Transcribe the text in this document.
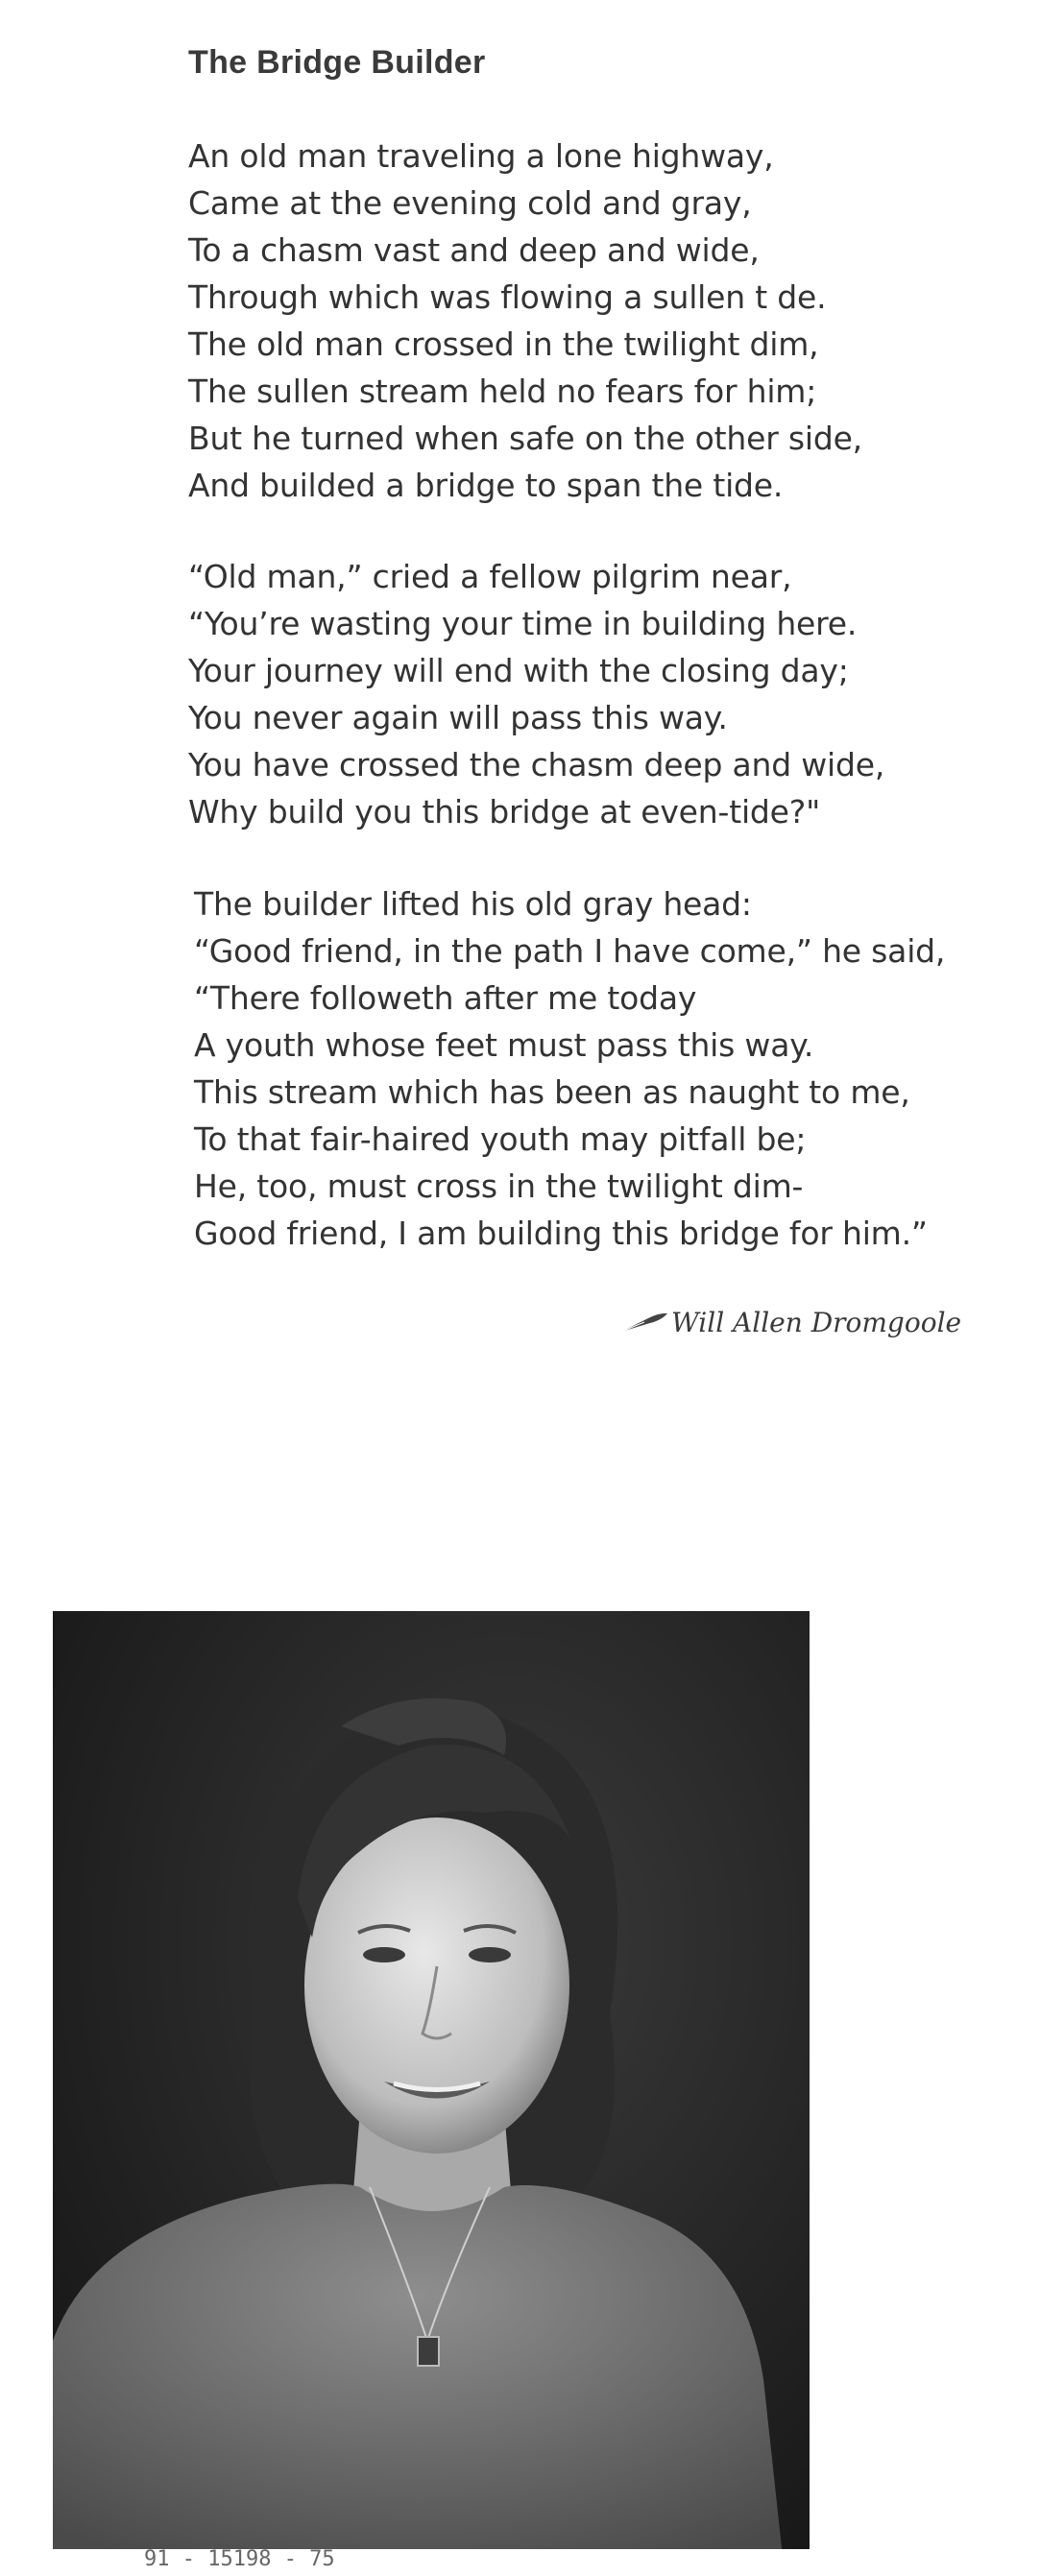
The Bridge Builder
An old man traveling a lone highway,
Came at the evening cold and gray,
To a chasm vast and deep and wide,
Through which was flowing a sullen t de.
The old man crossed in the twilight dim,
The sullen stream held no fears for him;
But he turned when safe on the other side,
And builded a bridge to span the tide.
“Old man,” cried a fellow pilgrim near,
“You’re wasting your time in building here.
Your journey will end with the closing day;
You never again will pass this way.
You have crossed the chasm deep and wide,
Why build you this bridge at even-tide?"
The builder lifted his old gray head:
“Good friend, in the path I have come,” he said,
“There followeth after me today
A youth whose feet must pass this way.
This stream which has been as naught to me,
To that fair-haired youth may pitfall be;
He, too, must cross in the twilight dim-
Good friend, I am building this bridge for him.”
Will Allen Dromgoole
91 - 15198 - 75
